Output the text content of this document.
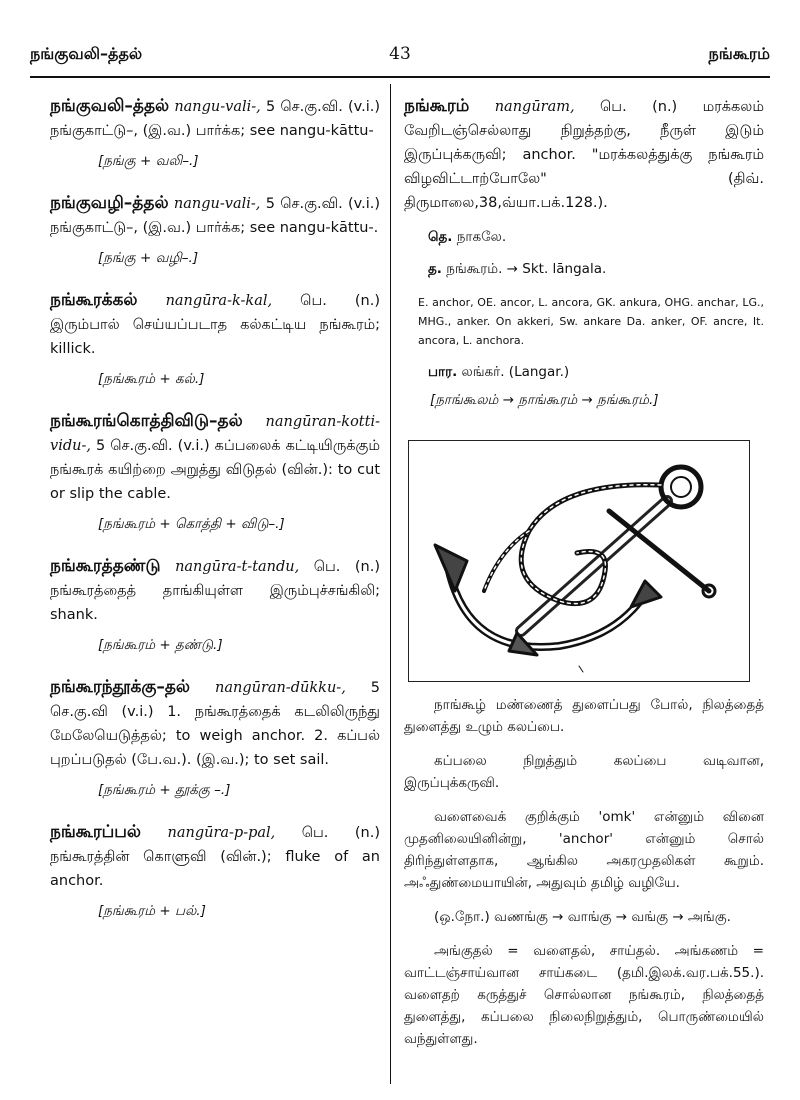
நங்குவலி–த்தல்	43	நங்கூரம்
நங்குவலி–த்தல் nangu-vali-, 5 செ.கு.வி. (v.i.) நங்குகாட்டு–, (இ.வ.) பார்க்க; see nangu-kāttu-
[நங்கு + வலி–.]
நங்குவழி–த்தல் nangu-vali-, 5 செ.கு.வி. (v.i.) நங்குகாட்டு–, (இ.வ.) பார்க்க; see nangu-kāttu-.
[நங்கு + வழி–.]
நங்கூரக்கல் nangūra-k-kal, பெ. (n.) இரும்பால் செய்யப்படாத கல்கட்டிய நங்கூரம்; killick.
[நங்கூரம் + கல்.]
நங்கூரங்கொத்திவிடு–தல் nangūran-kotti-vidu-, 5 செ.கு.வி. (v.i.) கப்பலைக் கட்டியிருக்கும் நங்கூரக் கயிற்றை அறுத்து விடுதல் (வின்.): to cut or slip the cable.
[நங்கூரம் + கொத்தி + விடு–.]
நங்கூரத்தண்டு nangūra-t-tandu, பெ. (n.) நங்கூரத்தைத் தாங்கியுள்ள இரும்புச்சங்கிலி; shank.
[நங்கூரம் + தண்டு.]
நங்கூரந்தூக்கு–தல் nangūran-dūkku-, 5 செ.கு.வி (v.i.) 1. நங்கூரத்தைக் கடலிலிருந்து மேலேயெடுத்தல்; to weigh anchor. 2. கப்பல் புறப்படுதல் (பே.வ.). (இ.வ.); to set sail.
[நங்கூரம் + தூக்கு –.]
நங்கூரப்பல் nangūra-p-pal, பெ. (n.) நங்கூரத்தின் கொளுவி (வின்.); fluke of an anchor.
[நங்கூரம் + பல்.]
நங்கூரம் nangūram, பெ. (n.) மரக்கலம் வேறிடஞ்செல்லாது நிறுத்தற்கு, நீருள் இடும் இருப்புக்கருவி; anchor. "மரக்கலத்துக்கு நங்கூரம் விழவிட்டாற்போலே" (திவ். திருமாலை,38,வ்யா.பக்.128.).
தெ. நாகலே.
த. நங்கூரம். → Skt. lāngala.
E. anchor, OE. ancor, L. ancora, GK. ankura, OHG. anchar, LG., MHG., anker. On akkeri, Sw. ankare Da. anker, OF. ancre, It. ancora, L. anchora.
பார. லங்கர். (Langar.)
[நாங்கூலம் → நாங்கூரம் → நங்கூரம்.]
நாங்கூழ் மண்ணைத் துளைப்பது போல், நிலத்தைத் துளைத்து உழும் கலப்பை.
கப்பலை நிறுத்தும் கலப்பை வடிவான, இருப்புக்கருவி.
வளைவைக் குறிக்கும் 'omk' என்னும் வினை முதனிலையினின்று, 'anchor' என்னும் சொல் திரிந்துள்ளதாக, ஆங்கில அகரமுதலிகள் கூறும். அஃதுண்மையாயின், அதுவும் தமிழ் வழியே.
(ஒ.நோ.) வணங்கு → வாங்கு → வங்கு → அங்கு.
அங்குதல் = வளைதல், சாய்தல். அங்கணம் = வாட்டஞ்சாய்வான சாய்கடை (தமி.இலக்.வர.பக்.55.). வளைதற் கருத்துச் சொல்லான நங்கூரம், நிலத்தைத் துளைத்து, கப்பலை நிலைநிறுத்தும், பொருண்மையில் வந்துள்ளது.
